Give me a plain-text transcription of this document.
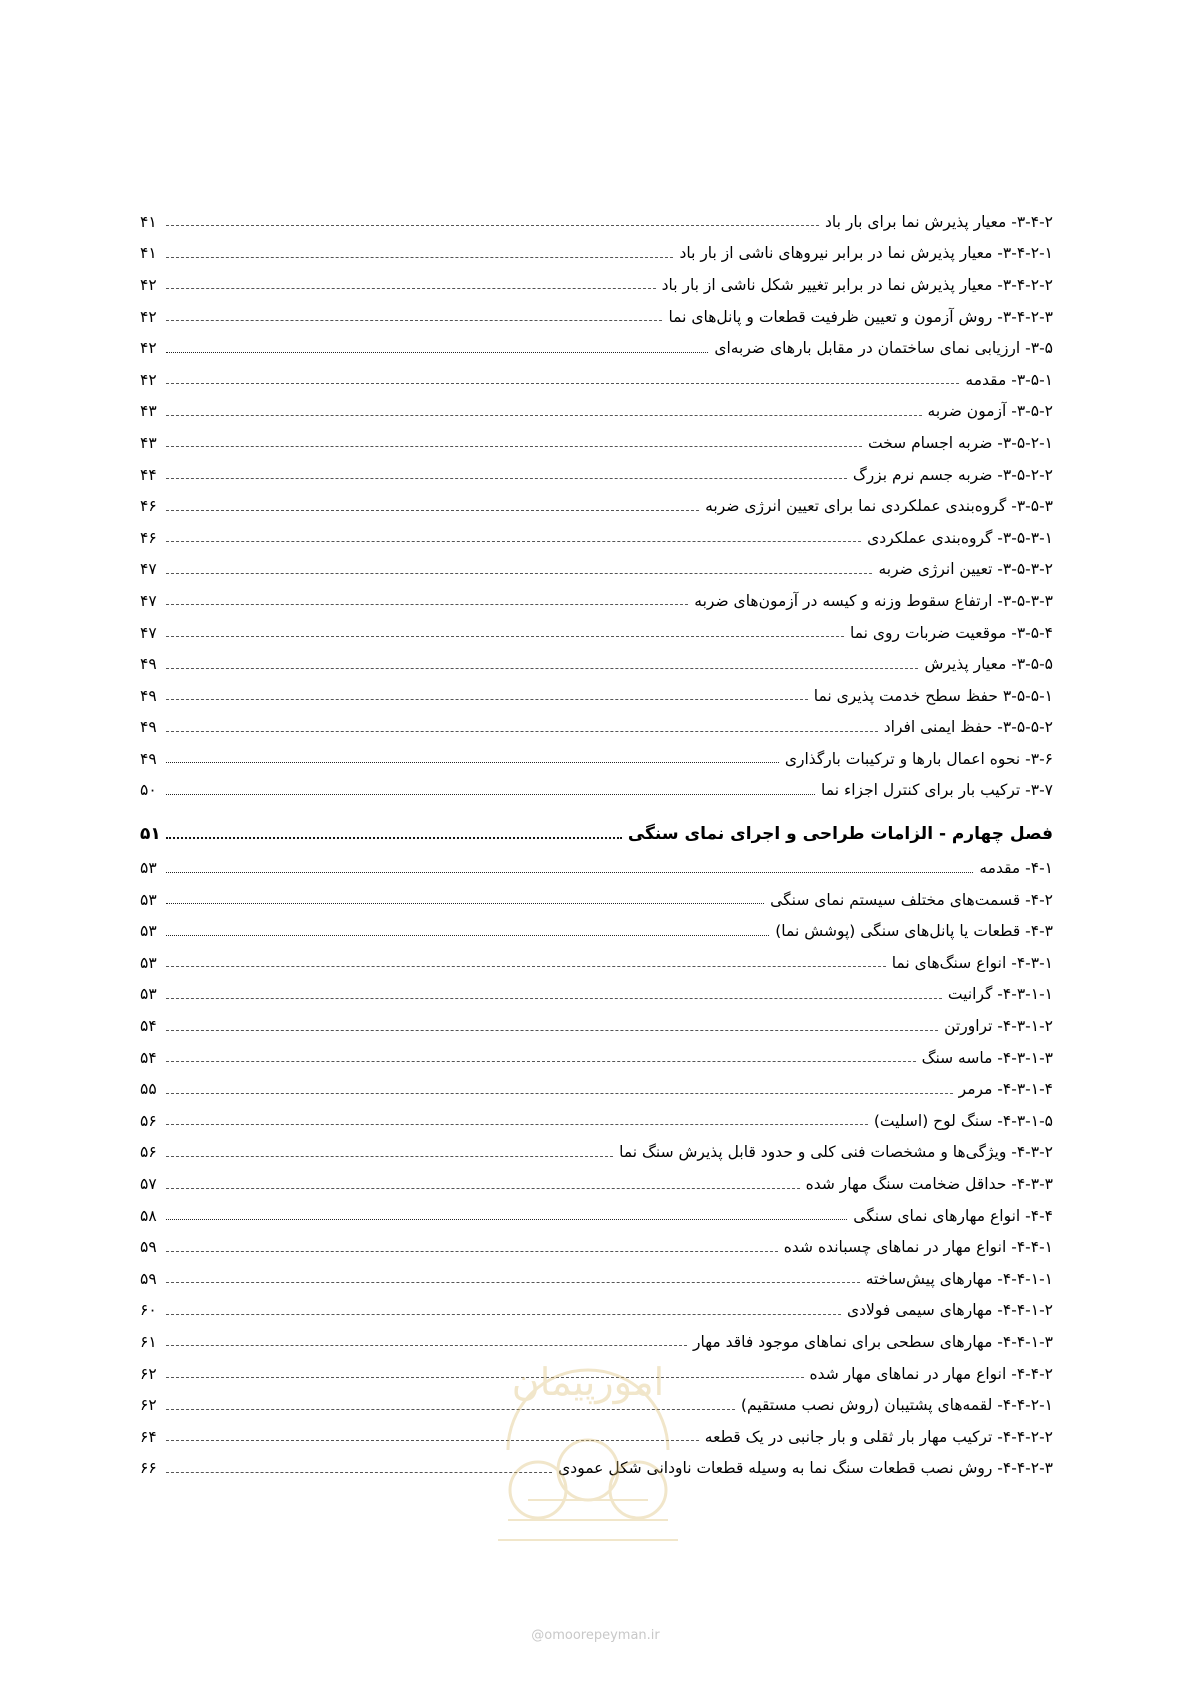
۳-۴-۲- معیار پذیرش نما برای بار باد
۴۱
۳-۴-۲-۱- معیار پذیرش نما در برابر نیروهای ناشی از بار باد
۴۱
۳-۴-۲-۲- معیار پذیرش نما در برابر تغییر شکل ناشی از بار باد
۴۲
۳-۴-۲-۳- روش آزمون و تعیین ظرفیت قطعات و پانل‌های نما
۴۲
۳-۵- ارزیابی نمای ساختمان در مقابل بارهای ضربه‌ای
۴۲
۳-۵-۱- مقدمه
۴۲
۳-۵-۲- آزمون ضربه
۴۳
۳-۵-۲-۱- ضربه اجسام سخت
۴۳
۳-۵-۲-۲- ضربه جسم نرم بزرگ
۴۴
۳-۵-۳- گروه‌بندی عملکردی نما برای تعیین انرژی ضربه
۴۶
۳-۵-۳-۱- گروه‌بندی عملکردی
۴۶
۳-۵-۳-۲- تعیین انرژی ضربه
۴۷
۳-۵-۳-۳- ارتفاع سقوط وزنه و کیسه در آزمون‌های ضربه
۴۷
۳-۵-۴- موقعیت ضربات روی نما
۴۷
۳-۵-۵- معیار پذیرش
۴۹
۳-۵-۵-۱ حفظ سطح خدمت پذیری نما
۴۹
۳-۵-۵-۲- حفظ ایمنی افراد
۴۹
۳-۶- نحوه اعمال بارها و ترکیبات بارگذاری
۴۹
۳-۷- ترکیب بار برای کنترل اجزاء نما
۵۰
فصل چهارم - الزامات طراحی و اجرای نمای سنگی
۵۱
۴-۱- مقدمه
۵۳
۴-۲- قسمت‌های مختلف سیستم نمای سنگی
۵۳
۴-۳- قطعات یا پانل‌های سنگی (پوشش نما)
۵۳
۴-۳-۱- انواع سنگ‌های نما
۵۳
۴-۳-۱-۱- گرانیت
۵۳
۴-۳-۱-۲- تراورتن
۵۴
۴-۳-۱-۳- ماسه سنگ
۵۴
۴-۳-۱-۴- مرمر
۵۵
۴-۳-۱-۵- سنگ لوح (اسلیت)
۵۶
۴-۳-۲- ویژگی‌ها و مشخصات فنی کلی و حدود قابل پذیرش سنگ نما
۵۶
۴-۳-۳- حداقل ضخامت سنگ مهار شده
۵۷
۴-۴- انواع مهارهای نمای سنگی
۵۸
۴-۴-۱- انواع مهار در نماهای چسبانده شده
۵۹
۴-۴-۱-۱- مهارهای پیش‌ساخته
۵۹
۴-۴-۱-۲- مهارهای سیمی فولادی
۶۰
۴-۴-۱-۳- مهارهای سطحی برای نماهای موجود فاقد مهار
۶۱
۴-۴-۲- انواع مهار در نماهای مهار شده
۶۲
۴-۴-۲-۱- لقمه‌های پشتیبان (روش نصب مستقیم)
۶۲
۴-۴-۲-۲- ترکیب مهار بار ثقلی و بار جانبی در یک قطعه
۶۴
۴-۴-۲-۳- روش نصب قطعات سنگ نما به وسیله قطعات ناودانی شکل عمودی
۶۶
امورپیمان
@omoorepeyman.ir
